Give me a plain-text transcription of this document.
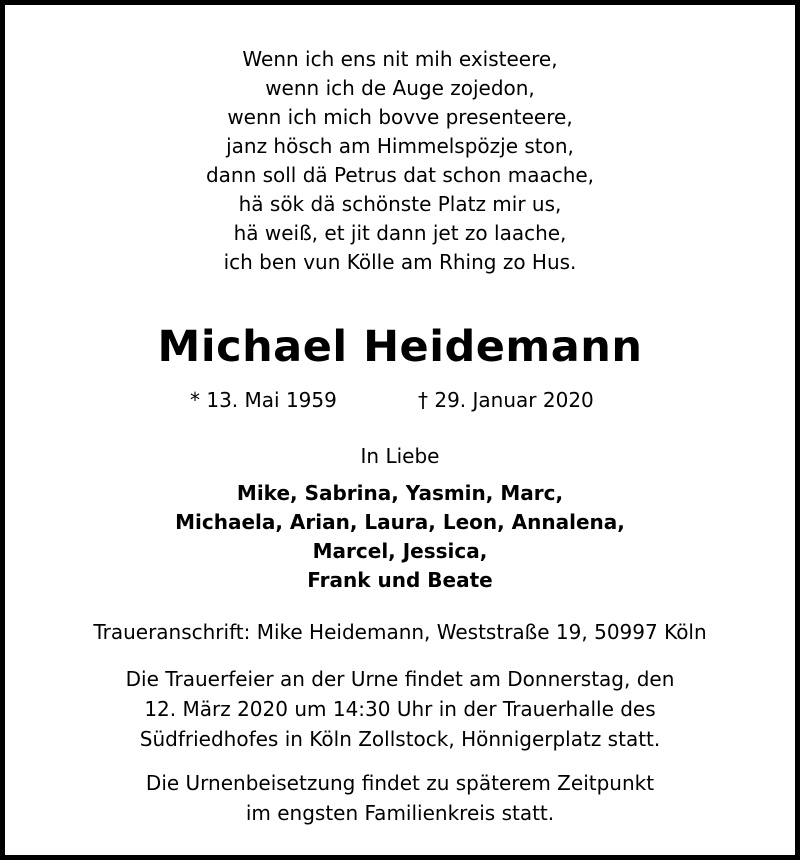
Wenn ich ens nit mih existeere,
wenn ich de Auge zojedon,
wenn ich mich bovve presenteere,
janz hösch am Himmelspözje ston,
dann soll dä Petrus dat schon maache,
hä sök dä schönste Platz mir us,
hä weiß, et jit dann jet zo laache,
ich ben vun Kölle am Rhing zo Hus.
Michael Heidemann
* 13. Mai 1959	† 29. Januar 2020
In Liebe
Mike, Sabrina, Yasmin, Marc,
Michaela, Arian, Laura, Leon, Annalena,
Marcel, Jessica,
Frank und Beate
Traueranschrift: Mike Heidemann, Weststraße 19, 50997 Köln
Die Trauerfeier an der Urne findet am Donnerstag, den
12. März 2020 um 14:30 Uhr in der Trauerhalle des
Südfriedhofes in Köln Zollstock, Hönnigerplatz statt.
Die Urnenbeisetzung findet zu späterem Zeitpunkt
im engsten Familienkreis statt.
